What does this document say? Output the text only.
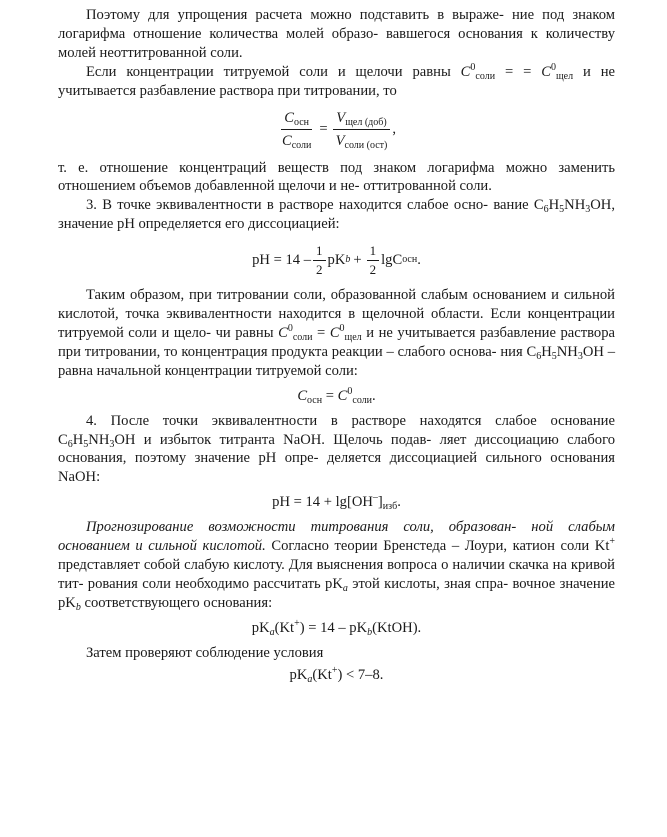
Поэтому для упрощения расчета можно подставить в выраже- ние под знаком логарифма отношение количества молей образо- вавшегося основания к количеству молей неоттитрованной соли.
Если концентрации титруемой соли и щелочи равны $C^0_{соли}$ = = $C^0_{щел}$ и не учитывается разбавление раствора при титровании, то
$\frac{C_{осн}}{C_{соли}} = \frac{V_{щел (доб)}}{V_{соли (ост)}}$ ,
т. е. отношение концентраций веществ под знаком логарифма можно заменить отношением объемов добавленной щелочи и не- оттитрованной соли.
3. В точке эквивалентности в растворе находится слабое осно- вание $C_6H_5NH_3OH$, значение pH определяется его диссоциацией:
pH = $14 - \frac{1}{2}$ pK $b + \frac{1}{2}$ lgC осн .
Таким образом, при титровании соли, образованной слабым основанием и сильной кислотой, точка эквивалентности находится в щелочной области. Если концентрации титруемой соли и щело- чи равны $C^0_{соли} = C^0_{щел}$ и не учитывается разбавление раствора при титровании, то концентрация продукта реакции – слабого основа- ния $C_6H_5NH_3OH$ – равна начальной концентрации титруемой соли:
$C_{осн} = C^0_{соли}$.
4. После точки эквивалентности в растворе находятся слабое основание $C_6H_5NH_3OH$ и избыток титранта NaOH. Щелочь подав- ляет диссоциацию слабого основания, поэтому значение pH опре- деляется диссоциацией сильного основания NaOH:
pH = $14 + \lg[OH^-]_{изб}$.
Прогнозирование возможности титрования соли, образован- ной слабым основанием и сильной кислотой. Согласно теории Бренстеда – Лоури, катион соли Kt+ представляет собой слабую кислоту. Для выяснения вопроса о наличии скачка на кривой тит- рования соли необходимо рассчитать $pK_a$ этой кислоты, зная спра- вочное значение $pK_b$ соответствующего основания:
$pK_a(Kt^+) = 14$ – $pK_b(KtOH)$.
Затем проверяют соблюдение условия
$pK_a(Kt^+) < 7-8$.
